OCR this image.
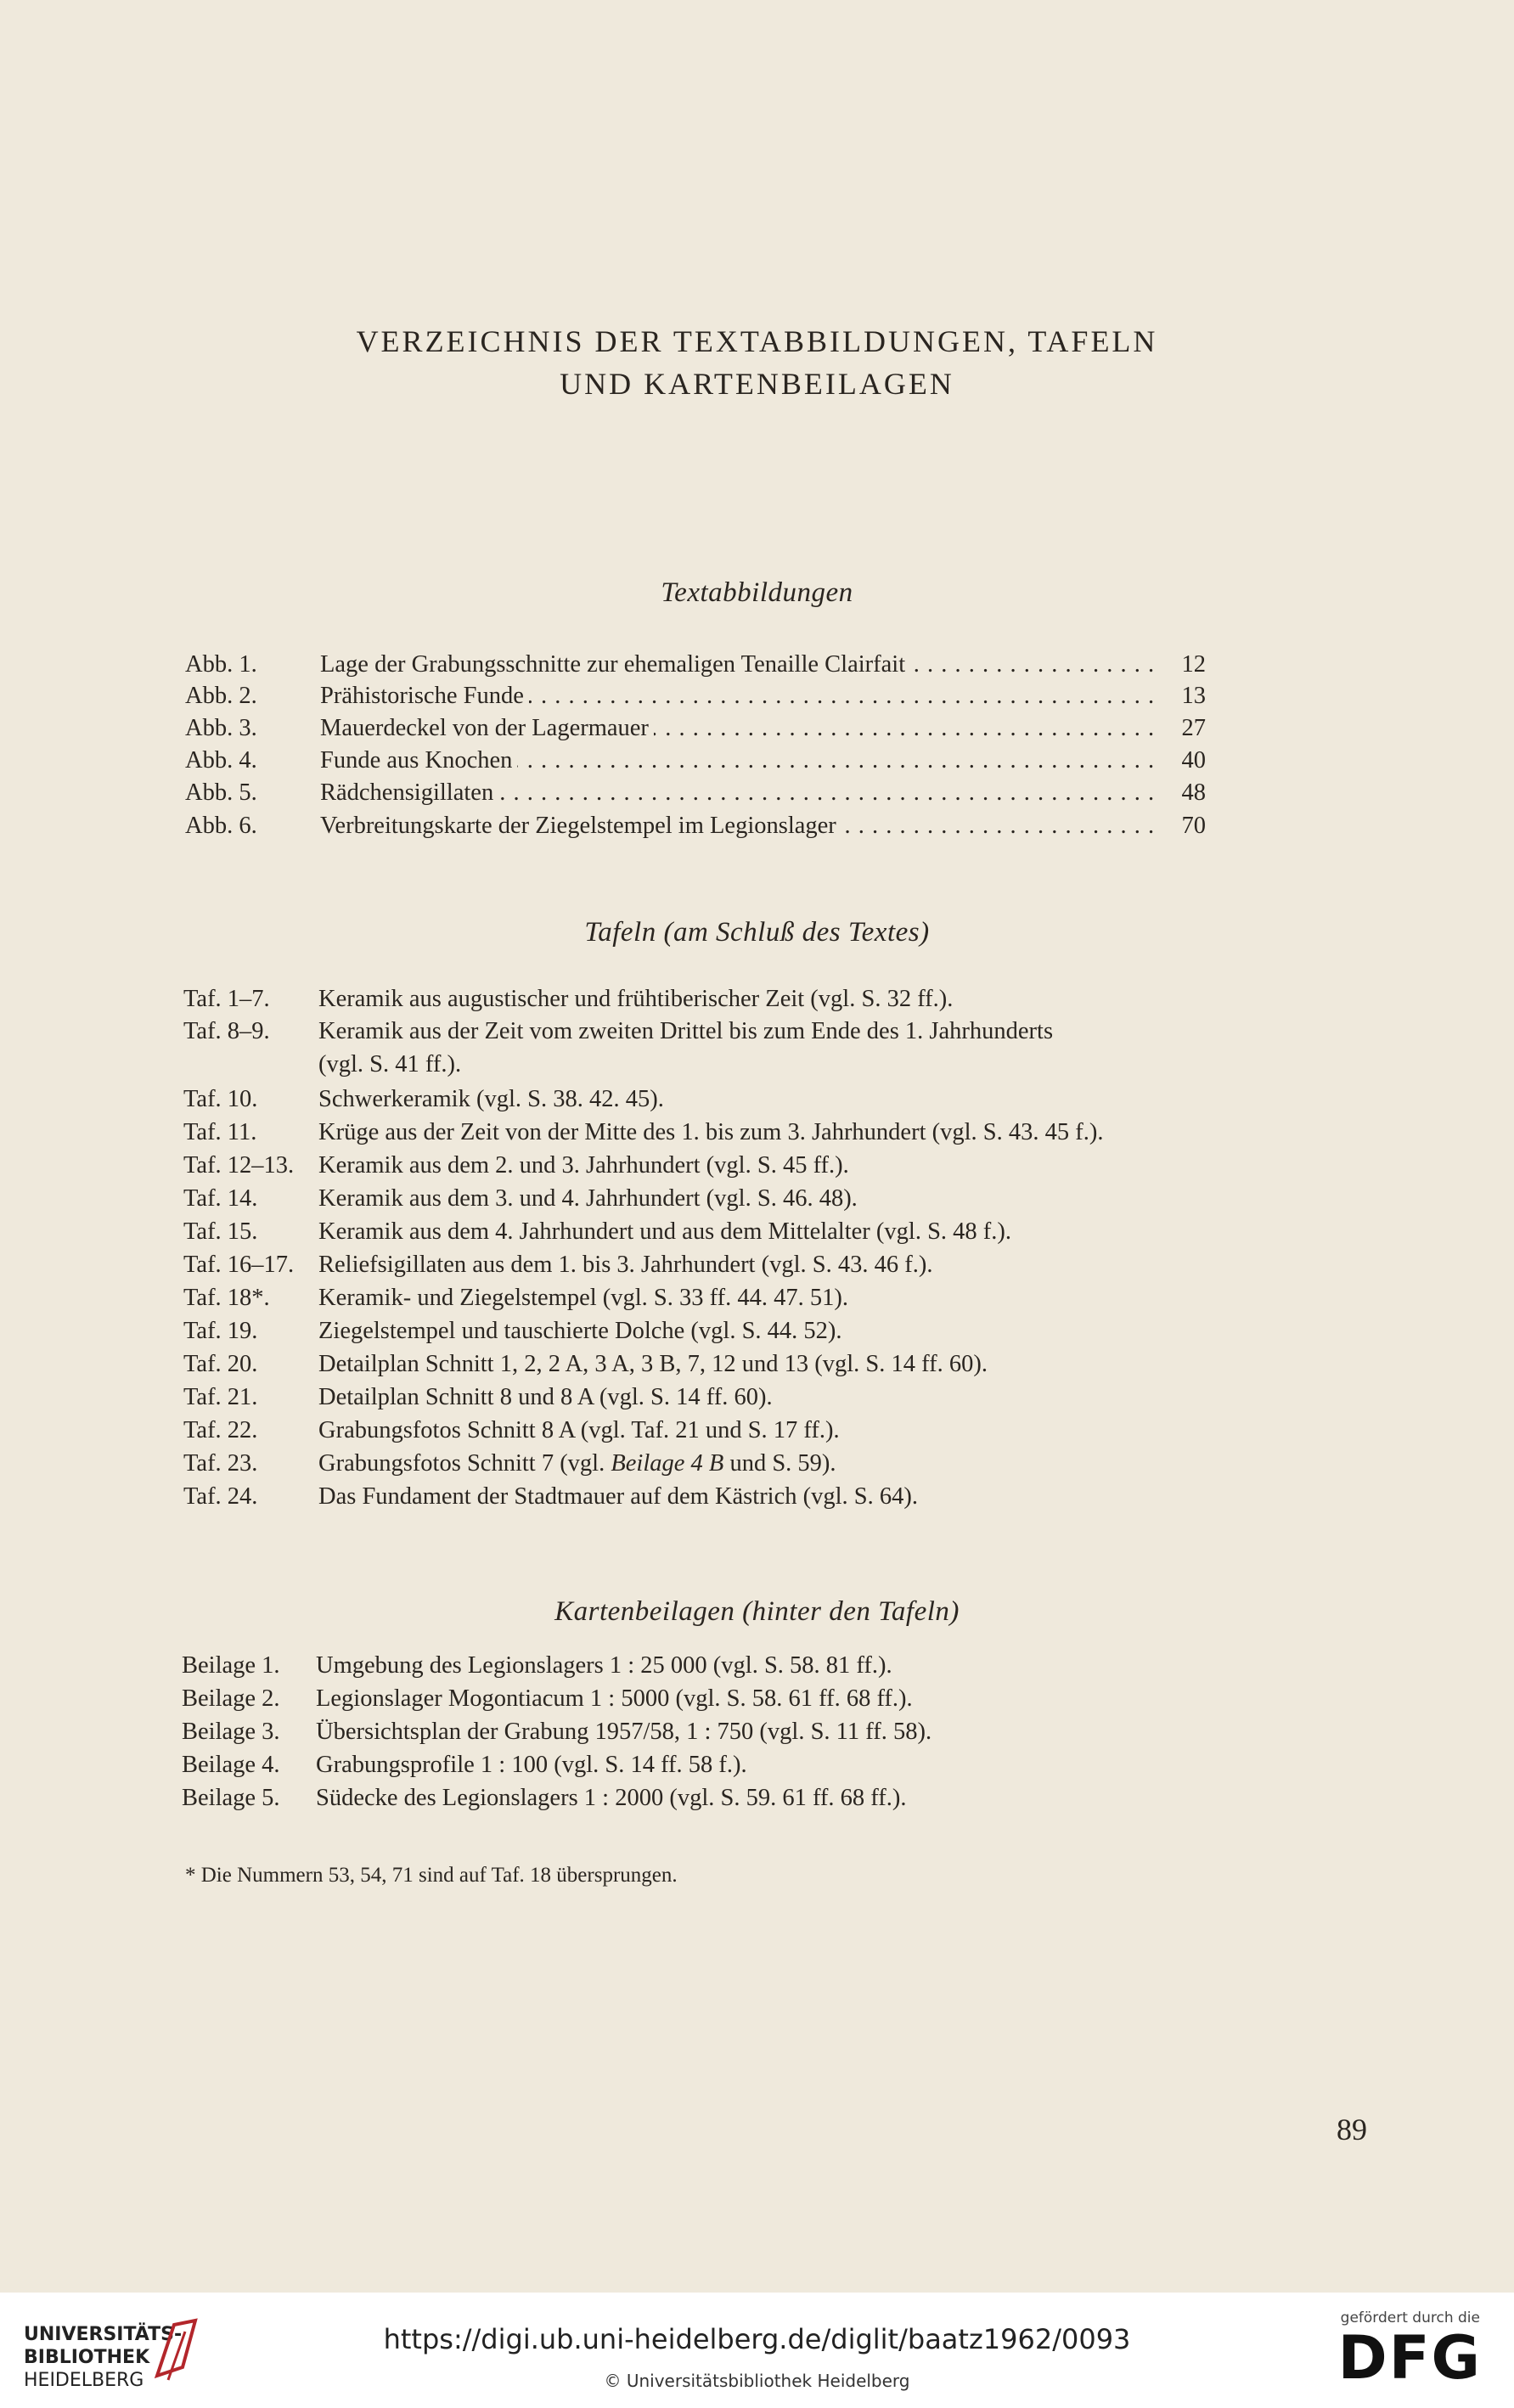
VERZEICHNIS DER TEXTABBILDUNGEN, TAFELN
UND KARTENBEILAGEN
Textabbildungen
Abb. 1.	Lage der Grabungsschnitte zur ehemaligen Tenaille Clairfait . . .	12
Abb. 2.	Prähistorische Funde . . .	13
Abb. 3.	Mauerdeckel von der Lagermauer . . .	27
Abb. 4.	Funde aus Knochen . . .	40
Abb. 5.	Rädchensigillaten . . .	48
Abb. 6.	Verbreitungskarte der Ziegelstempel im Legionslager . . .	70
Tafeln (am Schluß des Textes)
Taf. 1–7. Keramik aus augustischer und frühtiberischer Zeit (vgl. S. 32 ff.).
Taf. 8–9. Keramik aus der Zeit vom zweiten Drittel bis zum Ende des 1. Jahrhunderts
(vgl. S. 41 ff.).
Taf. 10.	Schwerkeramik (vgl. S. 38. 42. 45).
Taf. 11.	Krüge aus der Zeit von der Mitte des 1. bis zum 3. Jahrhundert (vgl. S. 43. 45 f.).
Taf. 12–13. Keramik aus dem 2. und 3. Jahrhundert (vgl. S. 45 ff.).
Taf. 14.	Keramik aus dem 3. und 4. Jahrhundert (vgl. S. 46. 48).
Taf. 15.	Keramik aus dem 4. Jahrhundert und aus dem Mittelalter (vgl. S. 48 f.).
Taf. 16–17. Reliefsigillaten aus dem 1. bis 3. Jahrhundert (vgl. S. 43. 46 f.).
Taf. 18*. Keramik- und Ziegelstempel (vgl. S. 33 ff. 44. 47. 51).
Taf. 19.	Ziegelstempel und tauschierte Dolche (vgl. S. 44. 52).
Taf. 20.	Detailplan Schnitt 1, 2, 2 A, 3 A, 3 B, 7, 12 und 13 (vgl. S. 14 ff. 60).
Taf. 21.	Detailplan Schnitt 8 und 8 A (vgl. S. 14 ff. 60).
Taf. 22.	Grabungsfotos Schnitt 8 A (vgl. Taf. 21 und S. 17 ff.).
Taf. 23.	Grabungsfotos Schnitt 7 (vgl. Beilage 4 B und S. 59).
Taf. 24.	Das Fundament der Stadtmauer auf dem Kästrich (vgl. S. 64).
Kartenbeilagen (hinter den Tafeln)
Beilage 1. Umgebung des Legionslagers 1 : 25 000 (vgl. S. 58. 81 ff.).
Beilage 2. Legionslager Mogontiacum 1 : 5000 (vgl. S. 58. 61 ff. 68 ff.).
Beilage 3. Übersichtsplan der Grabung 1957/58, 1 : 750 (vgl. S. 11 ff. 58).
Beilage 4. Grabungsprofile 1 : 100 (vgl. S. 14 ff. 58 f.).
Beilage 5. Südecke des Legionslagers 1 : 2000 (vgl. S. 59. 61 ff. 68 ff.).
* Die Nummern 53, 54, 71 sind auf Taf. 18 übersprungen.
89
UNIVERSITÄTS-
BIBLIOTHEK
HEIDELBERG
https://digi.ub.uni-heidelberg.de/diglit/baatz1962/0093
© Universitätsbibliothek Heidelberg
gefördert durch die
DFG
